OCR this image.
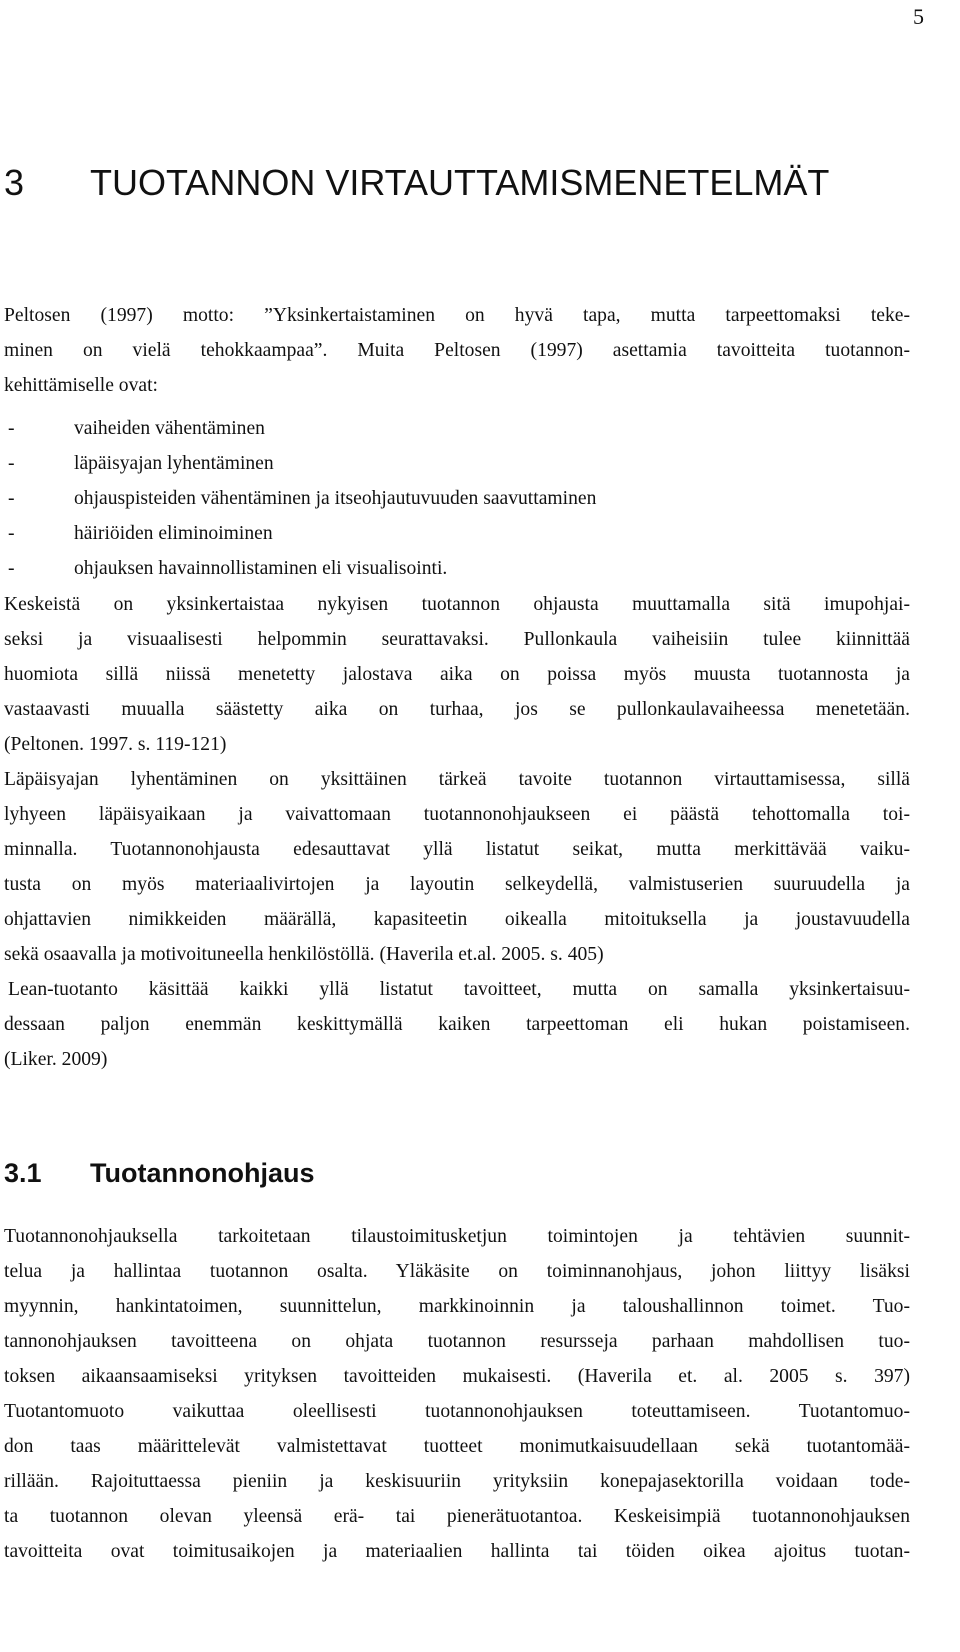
5
3 TUOTANNON VIRTAUTTAMISMENETELMÄT
Peltosen (1997) motto: ”Yksinkertaistaminen on hyvä tapa, mutta tarpeettomaksi teke-
minen on vielä tehokkaampaa”. Muita Peltosen (1997) asettamia tavoitteita tuotannon-
kehittämiselle ovat:
-	vaiheiden vähentäminen
-	läpäisyajan lyhentäminen
-	ohjauspisteiden vähentäminen ja itseohjautuvuuden saavuttaminen
-	häiriöiden eliminoiminen
-	ohjauksen havainnollistaminen eli visualisointi.
Keskeistä on yksinkertaistaa nykyisen tuotannon ohjausta muuttamalla sitä imupohjai-
seksi ja visuaalisesti helpommin seurattavaksi. Pullonkaula vaiheisiin tulee kiinnittää
huomiota sillä niissä menetetty jalostava aika on poissa myös muusta tuotannosta ja
vastaavasti muualla säästetty aika on turhaa, jos se pullonkaulavaiheessa menetetään.
(Peltonen. 1997. s. 119-121)
Läpäisyajan lyhentäminen on yksittäinen tärkeä tavoite tuotannon virtauttamisessa, sillä
lyhyeen läpäisyaikaan ja vaivattomaan tuotannonohjaukseen ei päästä tehottomalla toi-
minnalla. Tuotannonohjausta edesauttavat yllä listatut seikat, mutta merkittävää vaiku-
tusta on myös materiaalivirtojen ja layoutin selkeydellä, valmistuserien suuruudella ja
ohjattavien nimikkeiden määrällä, kapasiteetin oikealla mitoituksella ja joustavuudella
sekä osaavalla ja motivoituneella henkilöstöllä. (Haverila et.al. 2005. s. 405)
Lean-tuotanto käsittää kaikki yllä listatut tavoitteet, mutta on samalla yksinkertaisuu-
dessaan paljon enemmän keskittymällä kaiken tarpeettoman eli hukan poistamiseen.
(Liker. 2009)
3.1 Tuotannonohjaus
Tuotannonohjauksella tarkoitetaan tilaustoimitusketjun toimintojen ja tehtävien suunnit-
telua ja hallintaa tuotannon osalta. Yläkäsite on toiminnanohjaus, johon liittyy lisäksi
myynnin, hankintatoimen, suunnittelun, markkinoinnin ja taloushallinnon toimet. Tuo-
tannonohjauksen tavoitteena on ohjata tuotannon resursseja parhaan mahdollisen tuo-
toksen aikaansaamiseksi yrityksen tavoitteiden mukaisesti. (Haverila et. al. 2005 s. 397)
Tuotantomuoto vaikuttaa oleellisesti tuotannonohjauksen toteuttamiseen. Tuotantomuo-
don taas määrittelevät valmistettavat tuotteet monimutkaisuudellaan sekä tuotantomää-
rillään. Rajoituttaessa pieniin ja keskisuuriin yrityksiin konepajasektorilla voidaan tode-
ta tuotannon olevan yleensä erä- tai pienerätuotantoa. Keskeisimpiä tuotannonohjauksen
tavoitteita ovat toimitusaikojen ja materiaalien hallinta tai töiden oikea ajoitus tuotan-
